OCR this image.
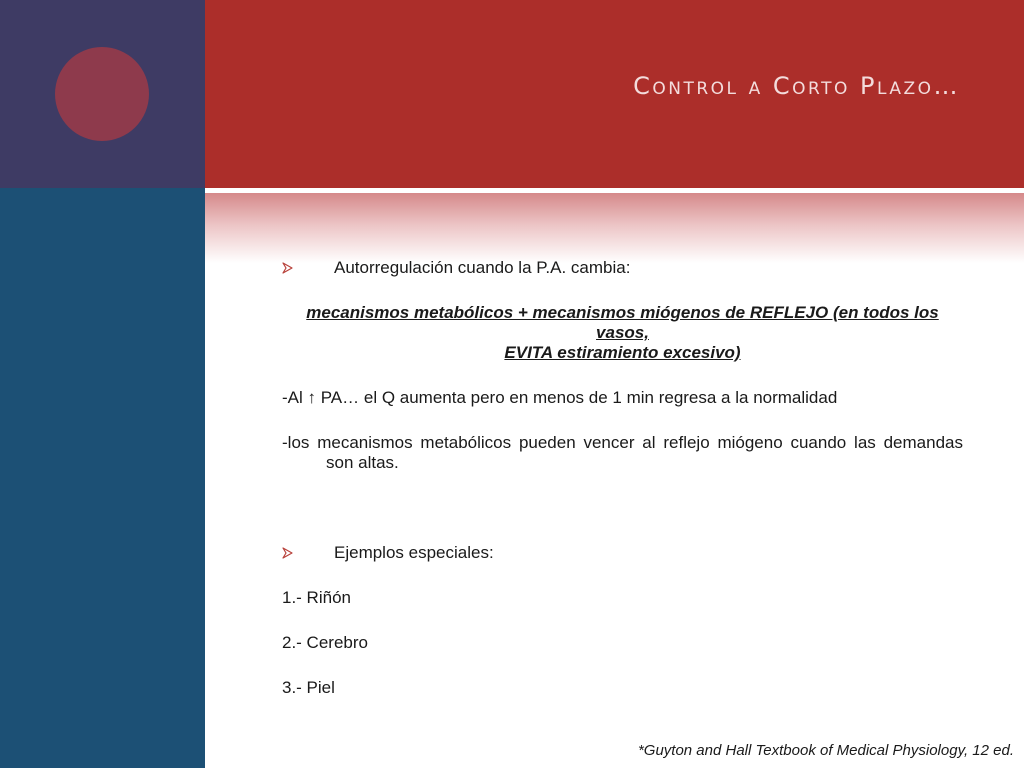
Control a Corto Plazo…
Autorregulación cuando la P.A. cambia:
mecanismos metabólicos + mecanismos miógenos de REFLEJO (en todos los vasos,
EVITA estiramiento excesivo)
-Al ↑ PA… el Q aumenta pero en menos de 1 min regresa a la normalidad
-los mecanismos metabólicos pueden vencer al reflejo miógeno cuando las demandas son altas.
Ejemplos especiales:
1.- Riñón
2.- Cerebro
3.- Piel
*Guyton and Hall Textbook of Medical Physiology, 12 ed.
